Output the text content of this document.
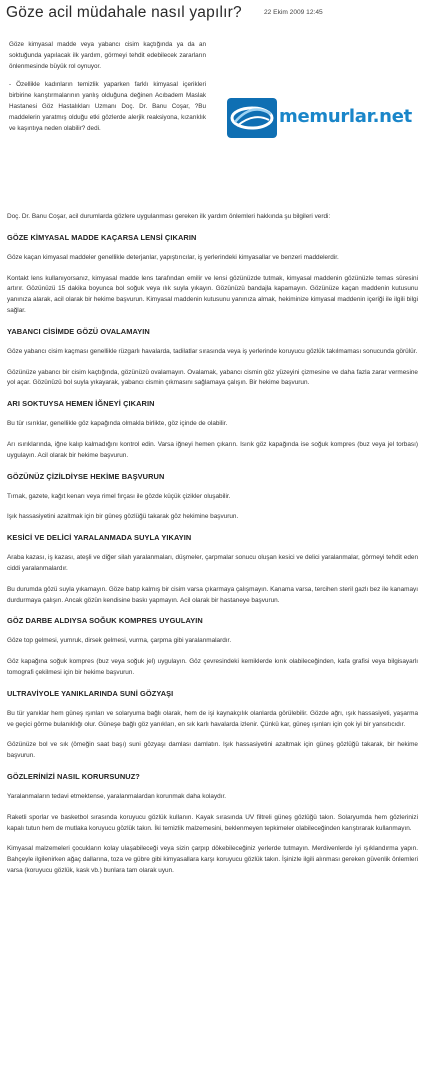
Göze acil müdahale nasıl yapılır?	22 Ekim 2009 12:45

Göze kimyasal madde veya yabancı cisim kaçtığında ya da an soktuğunda yapılacak ilk yardım, görmeyi tehdit edebilecek zararların önlenmesinde büyük rol oynuyor.

- Özellikle kadınların temizlik yaparken farklı kimyasal içerikleri birbirine karıştırmalarının yanlış olduğuna değinen Acıbadem Maslak Hastanesi Göz Hastalıkları Uzmanı Doç. Dr. Banu Coşar, ?Bu maddelerin yaratmış olduğu etki gözlerde alerjik reaksiyona, kızarıklık ve kaşıntıya neden olabilir? dedi.

memurlar.net

Doç. Dr. Banu Coşar, acil durumlarda gözlere uygulanması gereken ilk yardım önlemleri hakkında şu bilgileri verdi:

GÖZE KİMYASAL MADDE KAÇARSA LENSİ ÇIKARIN

Göze kaçan kimyasal maddeler genellikle deterjanlar, yapıştırıcılar, iş yerlerindeki kimyasallar ve benzeri maddelerdir.

Kontakt lens kullanıyorsanız, kimyasal madde lens tarafından emilir ve lensi gözünüzde tutmak, kimyasal maddenin gözünüzle temas süresini artırır. Gözünüzü 15 dakika boyunca bol soğuk veya ılık suyla yıkayın. Gözünüzü bandajla kapamayın. Gözünüze kaçan maddenin kutusunu yanınıza alarak, acil olarak bir hekime başvurun. Kimyasal maddenin kutusunu yanınıza almak, hekiminize kimyasal maddenin içeriği ile ilgili bilgi sağlar.

YABANCI CİSİMDE GÖZÜ OVALAMAYIN

Göze yabancı cisim kaçması genellikle rüzgarlı havalarda, tadilatlar sırasında veya iş yerlerinde koruyucu gözlük takılmaması sonucunda görülür.

Gözünüze yabancı bir cisim kaçtığında, gözünüzü ovalamayın. Ovalamak, yabancı cismin göz yüzeyini çizmesine ve daha fazla zarar vermesine yol açar. Gözünüzü bol suyla yıkayarak, yabancı cismin çıkmasını sağlamaya çalışın. Bir hekime başvurun.

ARI SOKTUYSA HEMEN İĞNEYİ ÇIKARIN

Bu tür ısırıklar, genellikle göz kapağında olmakla birlikte, göz içinde de olabilir.

Arı ısırıklarında, iğne kalıp kalmadığını kontrol edin. Varsa iğneyi hemen çıkarın. Isırık göz kapağında ise soğuk kompres (buz veya jel torbası) uygulayın. Acil olarak bir hekime başvurun.

GÖZÜNÜZ ÇİZİLDİYSE HEKİME BAŞVURUN

Tırnak, gazete, kağıt kenarı veya rimel fırçası ile gözde küçük çizikler oluşabilir.

Işık hassasiyetini azaltmak için bir güneş gözlüğü takarak göz hekimine başvurun.

KESİCİ VE DELİCİ YARALANMADA SUYLA YIKAYIN

Araba kazası, iş kazası, ateşli ve diğer silah yaralanmaları, düşmeler, çarpmalar sonucu oluşan kesici ve delici yaralanmalar, görmeyi tehdit eden ciddi yaralanmalardır.

Bu durumda gözü suyla yıkamayın. Göze batıp kalmış bir cisim varsa çıkarmaya çalışmayın. Kanama varsa, tercihen steril gazlı bez ile kanamayı durdurmaya çalışın. Ancak gözün kendisine baskı yapmayın. Acil olarak bir hastaneye başvurun.

GÖZ DARBE ALDIYSA SOĞUK KOMPRES UYGULAYIN

Göze top gelmesi, yumruk, dirsek gelmesi, vurma, çarpma gibi yaralanmalardır.

Göz kapağına soğuk kompres (buz veya soğuk jel) uygulayın. Göz çevresindeki kemiklerde kırık olabileceğinden, kafa grafisi veya bilgisayarlı tomografi çekilmesi için bir hekime başvurun.

ULTRAVİYOLE YANIKLARINDA SUNİ GÖZYAŞI

Bu tür yanıklar hem güneş ışınları ve solaryuma bağlı olarak, hem de işi kaynakçılık olanlarda görülebilir. Gözde ağrı, ışık hassasiyeti, yaşarma ve geçici görme bulanıklığı olur. Güneşe bağlı göz yanıkları, en sık karlı havalarda izlenir. Çünkü kar, güneş ışınları için çok iyi bir yansıtıcıdır.

Gözünüze bol ve sık (ömeğin saat başı) suni gözyaşı damlası damlatın. Işık hassasiyetini azaltmak için güneş gözlüğü takarak, bir hekime başvurun.

GÖZLERİNİZİ NASIL KORURSUNUZ?

Yaralanmaların tedavi etmektense, yaralanmalardan korunmak daha kolaydır.

Raketli sporlar ve basketbol sırasında koruyucu gözlük kullanın. Kayak sırasında UV filtreli güneş gözlüğü takın. Solaryumda hem gözlerinizi kapalı tutun hem de mutlaka koruyucu gözlük takın. İki temizlik malzemesini, beklenmeyen tepkimeler olabileceğinden karıştırarak kullanmayın.

Kimyasal malzemeleri çocukların kolay ulaşabileceği veya sizin çarpıp dökebileceğiniz yerlerde tutmayın. Merdivenlerde iyi ışıklandırma yapın. Bahçeyle ilgilenirken ağaç dallarına, toza ve gübre gibi kimyasallara karşı koruyucu gözlük takın. İşinizle ilgili alınması gereken güvenlik önlemleri varsa (koruyucu gözlük, kask vb.) bunlara tam olarak uyun.
